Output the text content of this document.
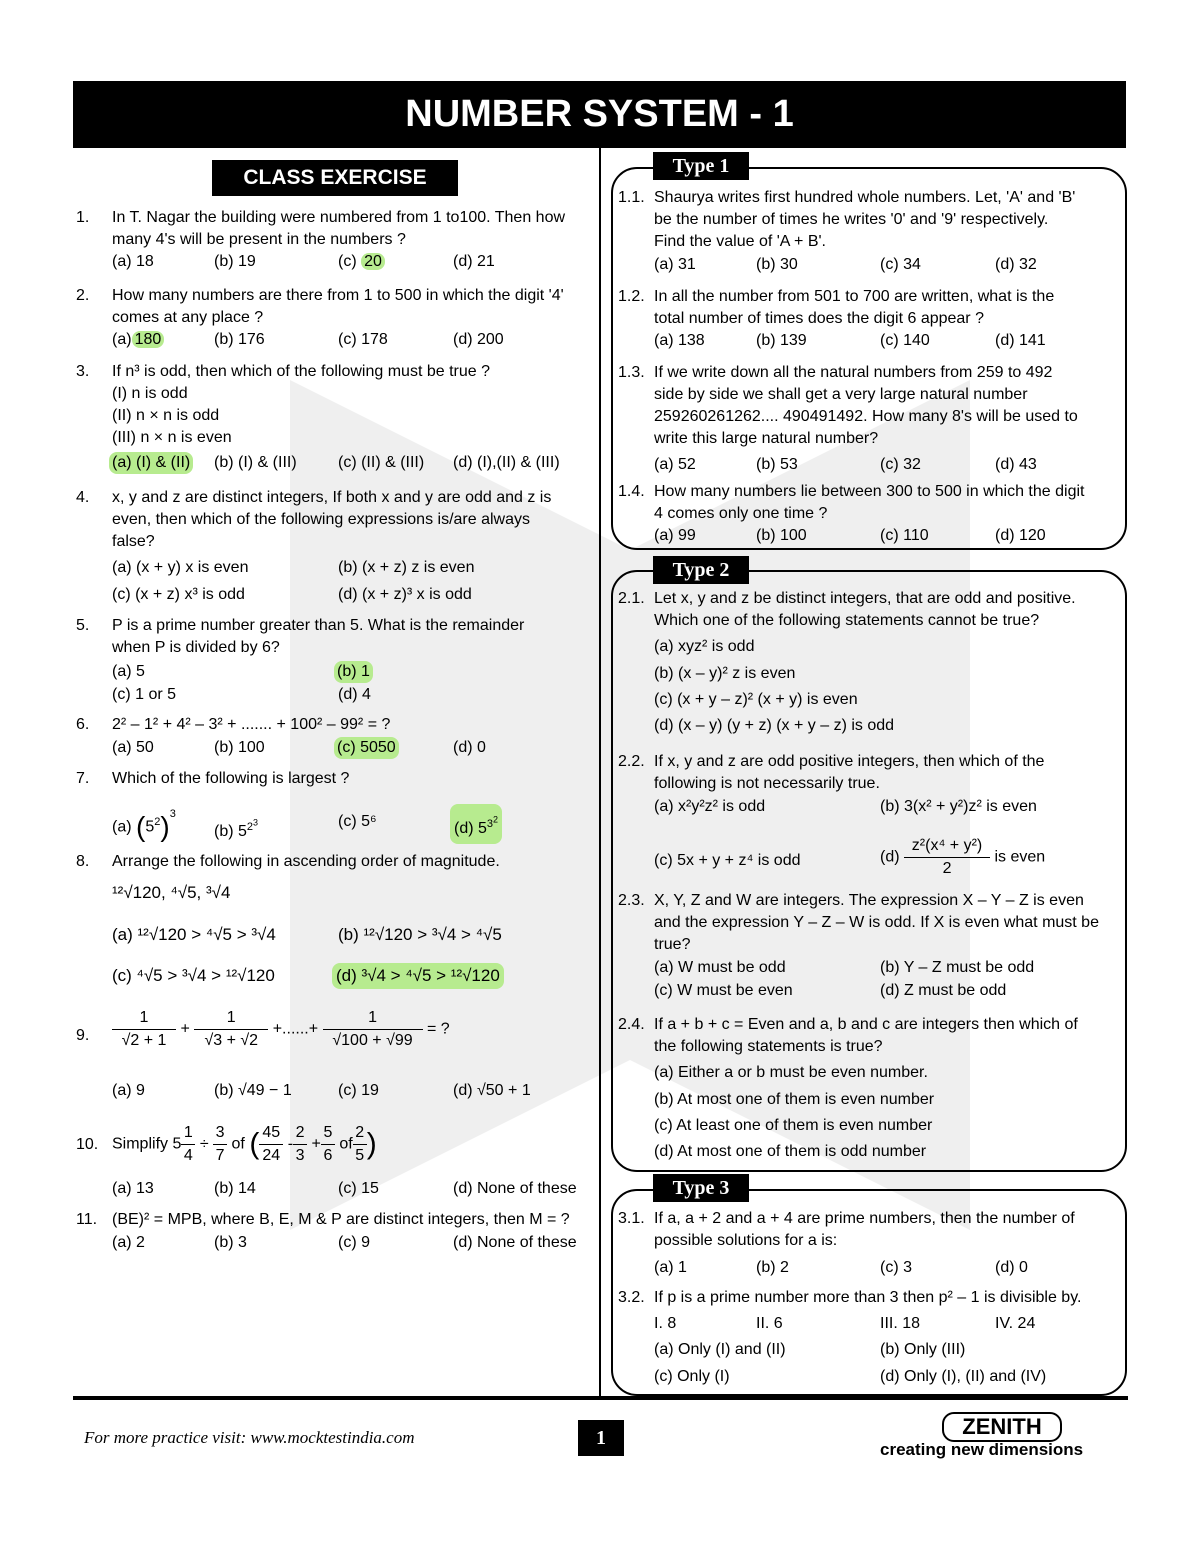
NUMBER SYSTEM - 1
CLASS EXERCISE
1. In T. Nagar the building were numbered from 1 to100. Then how
many 4's will be present in the numbers ?
(a) 18	(b) 19	(c) 20	(d) 21
2. How many numbers are there from 1 to 500 in which the digit '4'
comes at any place ?
(a) 180	(b) 176	(c) 178	(d) 200
3. If n³ is odd, then which of the following must be true ?
(I) n is odd
(II) n × n is odd
(III) n × n is even
(a) (I) & (II) (b) (I) & (III)	(c) (II) & (III) (d) (I),(II) & (III)
4. x, y and z are distinct integers, If both x and y are odd and z is
even, then which of the following expressions is/are always
false?
(a) (x + y) x is even	(b) (x + z) z is even
(c) (x + z) x³ is odd	(d) (x + z)³ x is odd
5. P is a prime number greater than 5. What is the remainder
when P is divided by 6?
(a) 5	(b) 1
(c) 1 or 5	(d) 4
6. 2² – 1² + 4² – 3² + ....... + 100² – 99² = ?
(a) 50	(b) 100	(c) 5050	(d) 0
7. Which of the following is largest ?
(a) $(5^2)^3$
(b) $5^{2^3}$	(c) 5⁶	(d) $5^{3^2}$
8. Arrange the following in ascending order of magnitude.
¹²√120, ⁴√5, ³√4
(a) ¹²√120 > ⁴√5 > ³√4	(b) ¹²√120 > ³√4 > ⁴√5
(c) ⁴√5 > ³√4 > ¹²√120	(d) ³√4 > ⁴√5 > ¹²√120
9. $\frac{1}{√2 + 1} + \frac{1}{√3 + √2}$ +......+ $\frac{1}{√100 + √99}$ = ?
(a) 9	(b) √49 − 1	(c) 19	(d) √50 + 1
10. Simplify $5 \frac{1}{4} \div \frac{3}{7}$ of ( $\frac{45}{24} - \frac{2}{3} + \frac{5}{6}$ of $\frac{2}{5}$ )
(a) 13	(b) 14	(c) 15	(d) None of these
11. (BE)² = MPB, where B, E, M & P are distinct integers, then M = ?
(a) 2	(b) 3	(c) 9	(d) None of these
Type 1
1.1. Shaurya writes first hundred whole numbers. Let, 'A' and 'B'
be the number of times he writes '0' and '9' respectively.
Find the value of 'A + B'.
(a) 31	(b) 30	(c) 34	(d) 32
1.2. In all the number from 501 to 700 are written, what is the
total number of times does the digit 6 appear ?
(a) 138	(b) 139	(c) 140	(d) 141
1.3. If we write down all the natural numbers from 259 to 492
side by side we shall get a very large natural number
259260261262.... 490491492. How many 8's will be used to
write this large natural number?
(a) 52	(b) 53	(c) 32	(d) 43
1.4. How many numbers lie between 300 to 500 in which the digit
4 comes only one time ?
(a) 99	(b) 100	(c) 110	(d) 120
Type 2
2.1. Let x, y and z be distinct integers, that are odd and positive.
Which one of the following statements cannot be true?
(a) xyz² is odd
(b) (x – y)² z is even
(c) (x + y – z)² (x + y) is even
(d) (x – y) (y + z) (x + y – z) is odd
2.2. If x, y and z are odd positive integers, then which of the
following is not necessarily true.
(a) x²y²z² is odd	(b) 3(x² + y²)z² is even
(c) 5x + y + z⁴ is odd	$(d) \frac{\text{z²(x⁴ + y²)}}{2}$ is even
2.3. X, Y, Z and W are integers. The expression X – Y – Z is even
and the expression Y – Z – W is odd. If X is even what must be
true?
(a) W must be odd	(b) Y – Z must be odd
(c) W must be even	(d) Z must be odd
2.4. If a + b + c = Even and a, b and c are integers then which of
the following statements is true?
(a) Either a or b must be even number.
(b) At most one of them is even number
(c) At least one of them is even number
(d) At most one of them is odd number
Type 3
3.1. If a, a + 2 and a + 4 are prime numbers, then the number of
possible solutions for a is:
(a) 1	(b) 2	(c) 3	(d) 0
3.2. If p is a prime number more than 3 then p² – 1 is divisible by.
I. 8	II. 6	III. 18	IV. 24
(a) Only (I) and (II)	(b) Only (III)
(c) Only (I)	(d) Only (I), (II) and (IV)
For more practice visit: www.mocktestindia.com	1	ZENITH
creating new dimensions
